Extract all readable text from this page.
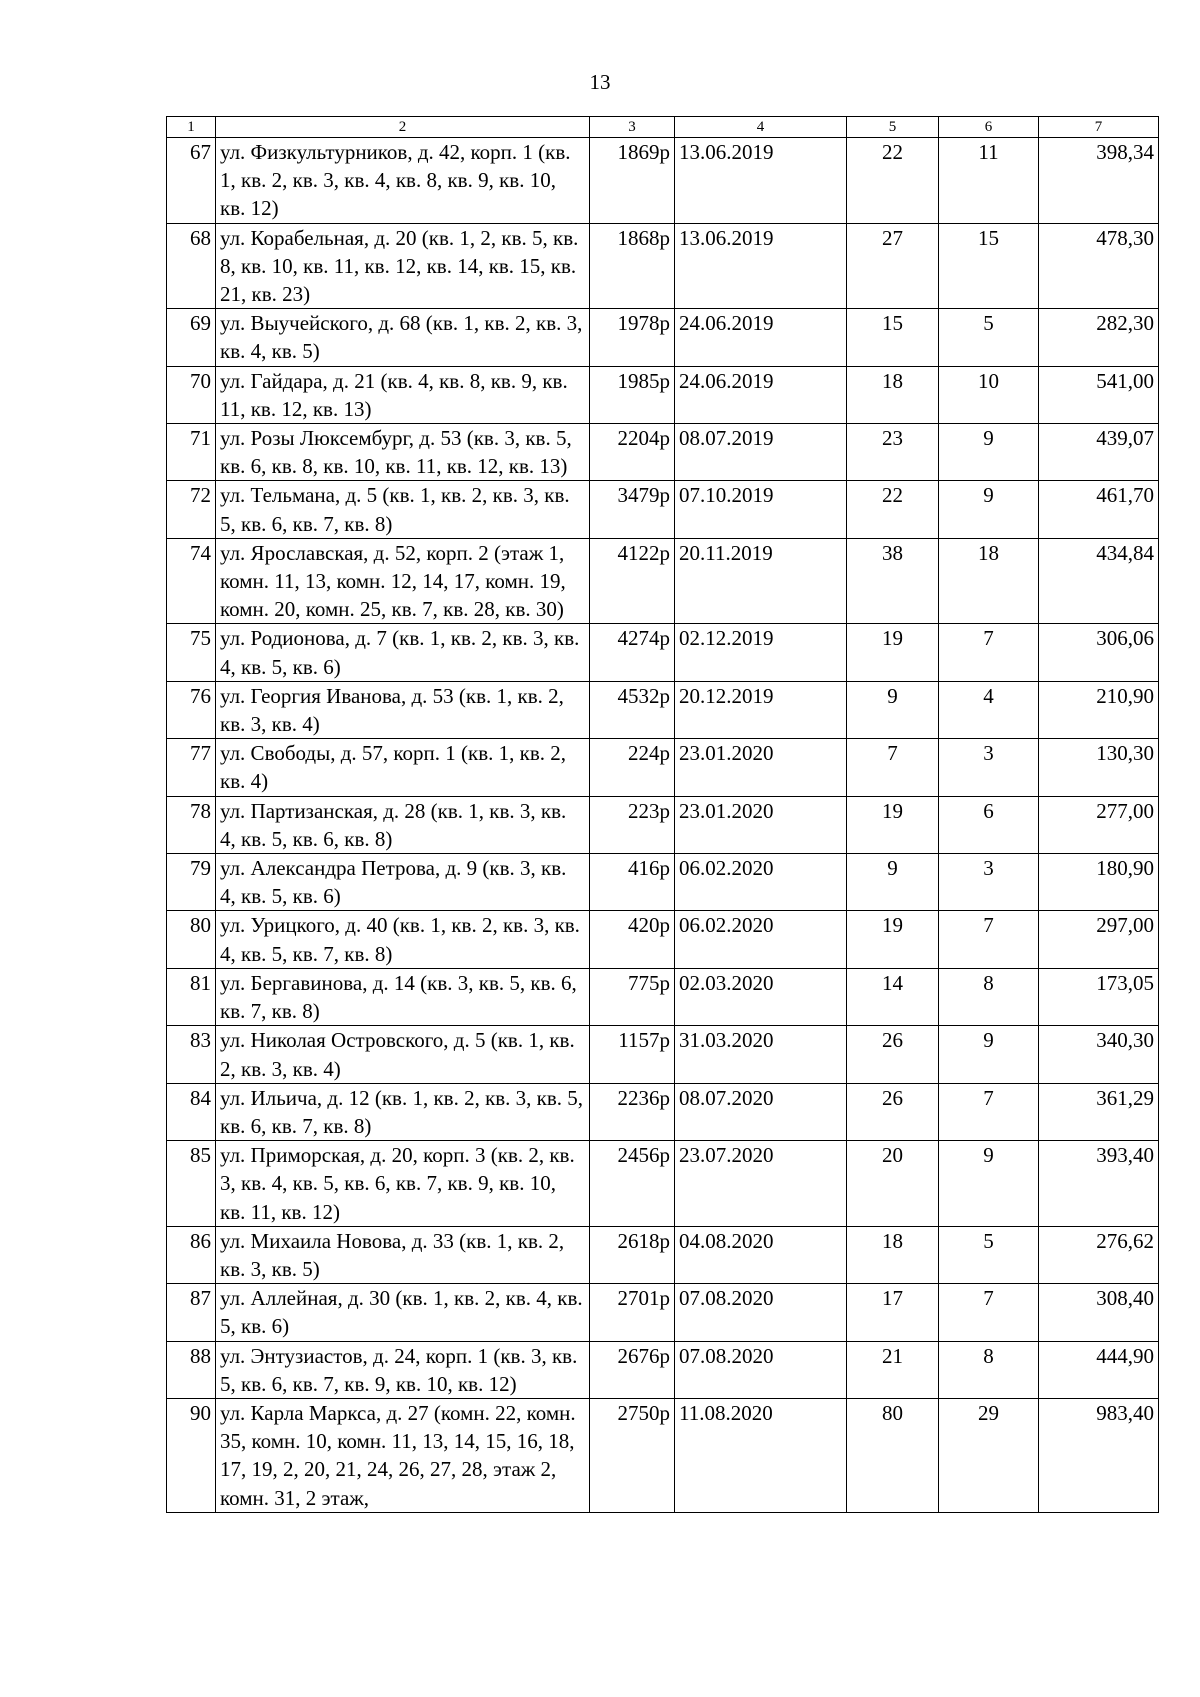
13
1	2	3	4	5	6	7
67	ул. Физкультурников, д. 42, корп. 1 (кв. 1, кв. 2, кв. 3, кв. 4, кв. 8, кв. 9, кв. 10, кв. 12)	1869р	13.06.2019	22	11	398,34
68	ул. Корабельная, д. 20 (кв. 1, 2, кв. 5, кв. 8, кв. 10, кв. 11, кв. 12, кв. 14, кв. 15, кв. 21, кв. 23)	1868р	13.06.2019	27	15	478,30
69	ул. Выучейского, д. 68 (кв. 1, кв. 2, кв. 3, кв. 4, кв. 5)	1978р	24.06.2019	15	5	282,30
70	ул. Гайдара, д. 21 (кв. 4, кв. 8, кв. 9, кв. 11, кв. 12, кв. 13)	1985р	24.06.2019	18	10	541,00
71	ул. Розы Люксембург, д. 53 (кв. 3, кв. 5, кв. 6, кв. 8, кв. 10, кв. 11, кв. 12, кв. 13)	2204р	08.07.2019	23	9	439,07
72	ул. Тельмана, д. 5 (кв. 1, кв. 2, кв. 3, кв. 5, кв. 6, кв. 7, кв. 8)	3479р	07.10.2019	22	9	461,70
74	ул. Ярославская, д. 52, корп. 2 (этаж 1, комн. 11, 13, комн. 12, 14, 17, комн. 19, комн. 20, комн. 25, кв. 7, кв. 28, кв. 30)	4122р	20.11.2019	38	18	434,84
75	ул. Родионова, д. 7 (кв. 1, кв. 2, кв. 3, кв. 4, кв. 5, кв. 6)	4274р	02.12.2019	19	7	306,06
76	ул. Георгия Иванова, д. 53 (кв. 1, кв. 2, кв. 3, кв. 4)	4532р	20.12.2019	9	4	210,90
77	ул. Свободы, д. 57, корп. 1 (кв. 1, кв. 2, кв. 4)	224р	23.01.2020	7	3	130,30
78	ул. Партизанская, д. 28 (кв. 1, кв. 3, кв. 4, кв. 5, кв. 6, кв. 8)	223р	23.01.2020	19	6	277,00
79	ул. Александра Петрова, д. 9 (кв. 3, кв. 4, кв. 5, кв. 6)	416р	06.02.2020	9	3	180,90
80	ул. Урицкого, д. 40 (кв. 1, кв. 2, кв. 3, кв. 4, кв. 5, кв. 7, кв. 8)	420р	06.02.2020	19	7	297,00
81	ул. Бергавинова, д. 14 (кв. 3, кв. 5, кв. 6, кв. 7, кв. 8)	775р	02.03.2020	14	8	173,05
83	ул. Николая Островского, д. 5 (кв. 1, кв. 2, кв. 3, кв. 4)	1157р	31.03.2020	26	9	340,30
84	ул. Ильича, д. 12 (кв. 1, кв. 2, кв. 3, кв. 5, кв. 6, кв. 7, кв. 8)	2236р	08.07.2020	26	7	361,29
85	ул. Приморская, д. 20, корп. 3 (кв. 2, кв. 3, кв. 4, кв. 5, кв. 6, кв. 7, кв. 9, кв. 10, кв. 11, кв. 12)	2456р	23.07.2020	20	9	393,40
86	ул. Михаила Новова, д. 33 (кв. 1, кв. 2, кв. 3, кв. 5)	2618р	04.08.2020	18	5	276,62
87	ул. Аллейная, д. 30 (кв. 1, кв. 2, кв. 4, кв. 5, кв. 6)	2701р	07.08.2020	17	7	308,40
88	ул. Энтузиастов, д. 24, корп. 1 (кв. 3, кв. 5, кв. 6, кв. 7, кв. 9, кв. 10, кв. 12)	2676р	07.08.2020	21	8	444,90
90	ул. Карла Маркса, д. 27 (комн. 22, комн. 35, комн. 10, комн. 11, 13, 14, 15, 16, 18, 17, 19, 2, 20, 21, 24, 26, 27, 28, этаж 2, комн. 31, 2 этаж,	2750р	11.08.2020	80	29	983,40
